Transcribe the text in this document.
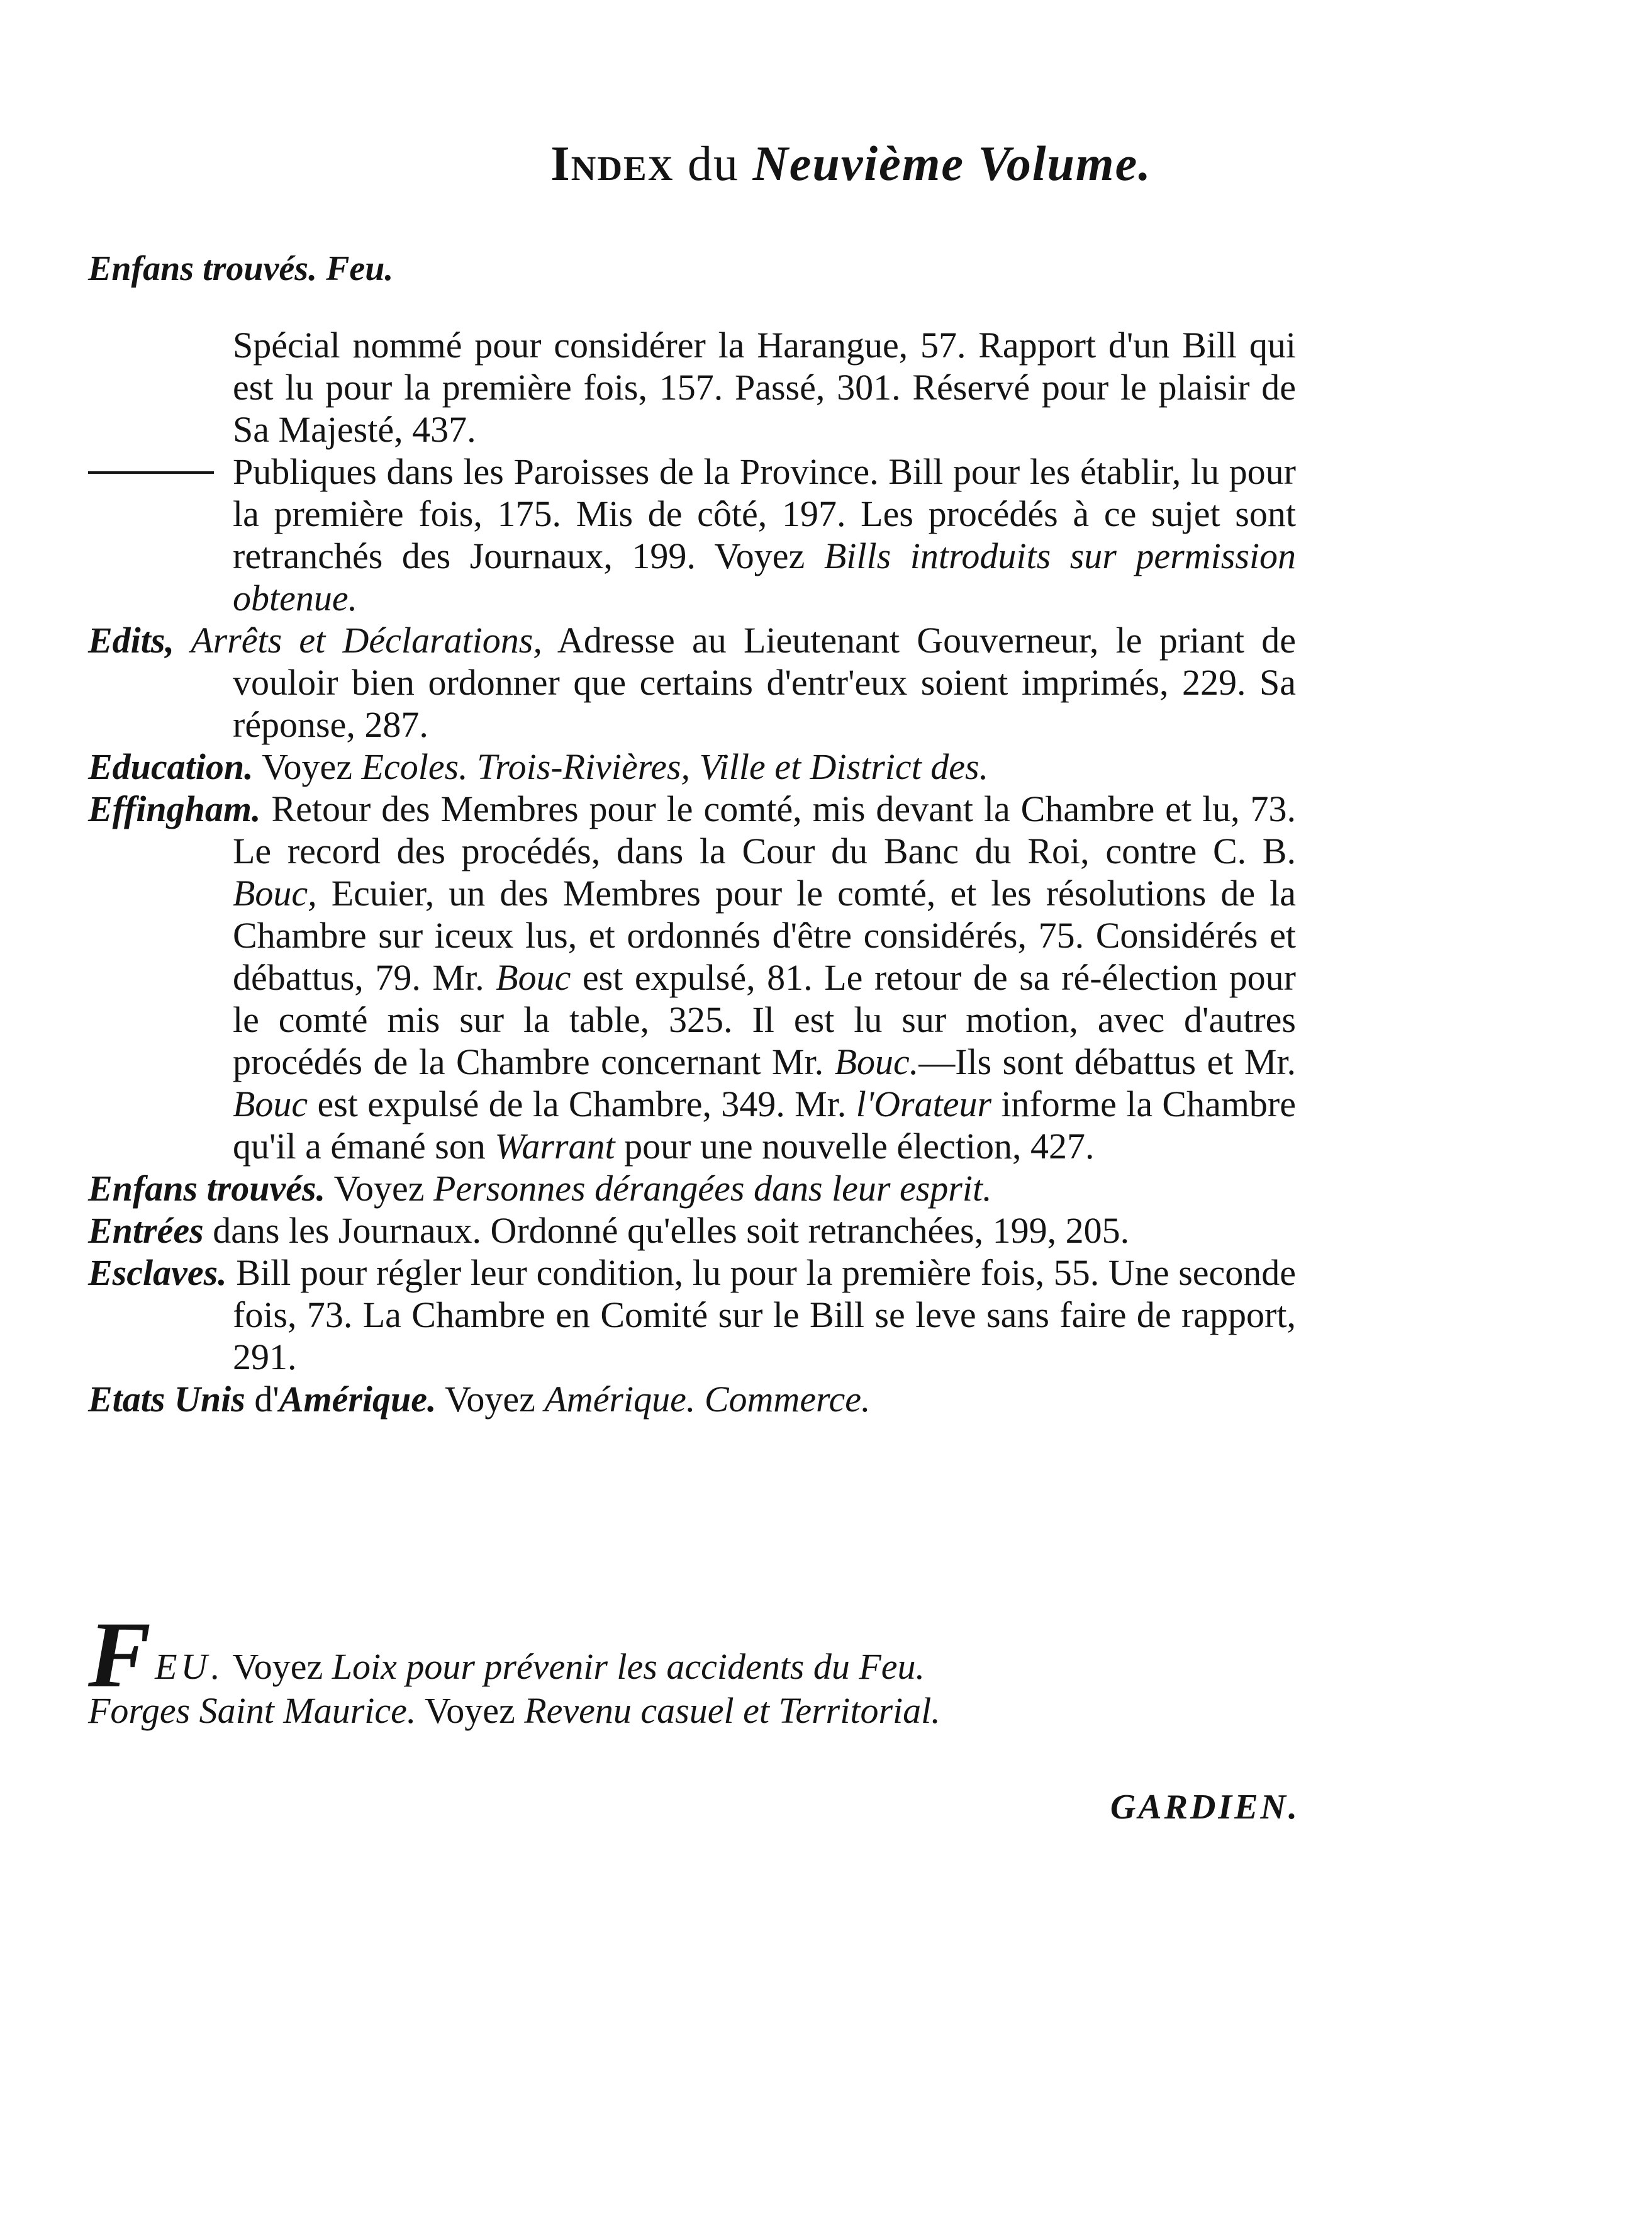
Index du Neuvième Volume.
Enfans trouvés. Feu.

Spécial nommé pour considérer la Harangue, 57. Rapport d'un Bill qui est lu pour la première fois, 157. Passé, 301. Réservé pour le plaisir de Sa Majesté, 437.

Publiques dans les Paroisses de la Province. Bill pour les établir, lu pour la première fois, 175. Mis de côté, 197. Les procédés à ce sujet sont retranchés des Journaux, 199. Voyez Bills introduits sur permission obtenue.

Edits, Arrêts et Déclarations, Adresse au Lieutenant Gouverneur, le priant de vouloir bien ordonner que certains d'entr'eux soient imprimés, 229. Sa réponse, 287.

Education. Voyez Ecoles. Trois-Rivières, Ville et District des.

Effingham. Retour des Membres pour le comté, mis devant la Chambre et lu, 73. Le record des procédés, dans la Cour du Banc du Roi, contre C. B. Bouc, Ecuier, un des Membres pour le comté, et les résolutions de la Chambre sur iceux lus, et ordonnés d'être considérés, 75. Considérés et débattus, 79. Mr. Bouc est expulsé, 81. Le retour de sa ré-élection pour le comté mis sur la table, 325. Il est lu sur motion, avec d'autres procédés de la Chambre concernant Mr. Bouc.—Ils sont débattus et Mr. Bouc est expulsé de la Chambre, 349. Mr. l'Orateur informe la Chambre qu'il a émané son Warrant pour une nouvelle élection, 427.

Enfans trouvés. Voyez Personnes dérangées dans leur esprit.

Entrées dans les Journaux. Ordonné qu'elles soit retranchées, 199, 205.

Esclaves. Bill pour régler leur condition, lu pour la première fois, 55. Une seconde fois, 73. La Chambre en Comité sur le Bill se leve sans faire de rapport, 291.

Etats Unis d'Amérique. Voyez Amérique. Commerce.

FEU. Voyez Loix pour prévenir les accidents du Feu.
Forges Saint Maurice. Voyez Revenu casuel et Territorial.
GARDIEN.
